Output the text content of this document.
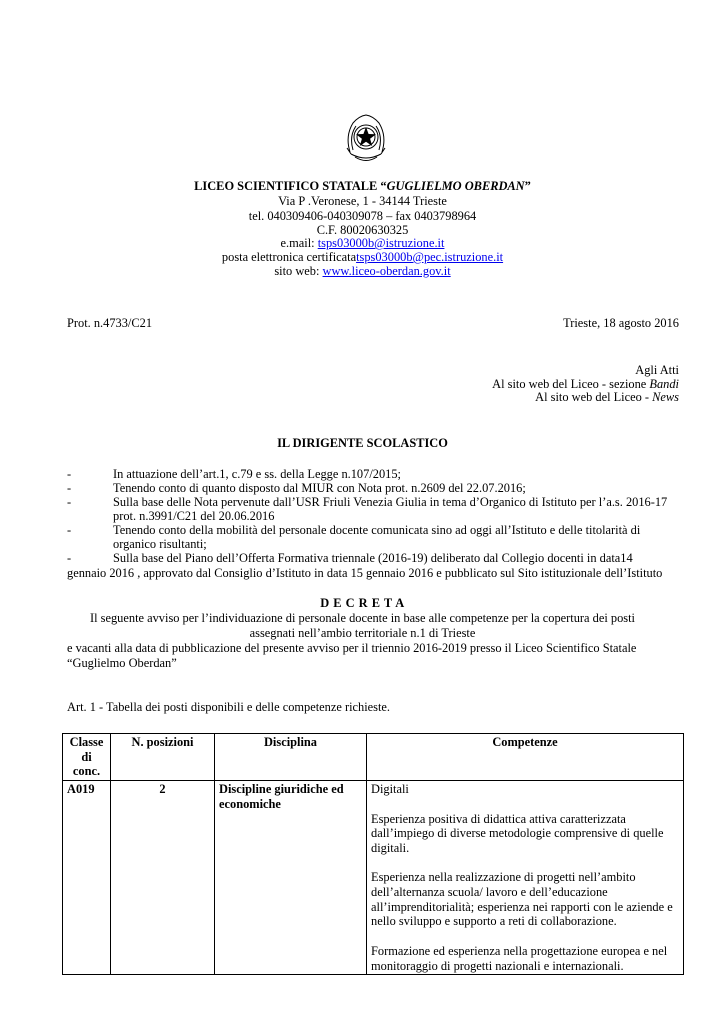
LICEO SCIENTIFICO STATALE “GUGLIELMO OBERDAN”
Via P .Veronese, 1 - 34144 Trieste
tel. 040309406-040309078 – fax 0403798964
C.F. 80020630325
e.mail: tsps03000b@istruzione.it
posta elettronica certificatatsps03000b@pec.istruzione.it
sito web: www.liceo-oberdan.gov.it
Prot. n.4733/C21	Trieste, 18 agosto 2016
Agli Atti
Al sito web del Liceo - sezione Bandi
Al sito web del Liceo - News
IL DIRIGENTE SCOLASTICO
-	In attuazione dell’art.1, c.79 e ss. della Legge n.107/2015;
-	Tenendo conto di quanto disposto dal MIUR con Nota prot. n.2609 del 22.07.2016;
-	Sulla base delle Nota pervenute dall’USR Friuli Venezia Giulia in tema d’Organico di Istituto per l’a.s. 2016-17
prot. n.3991/C21 del 20.06.2016
-	Tenendo conto della mobilità del personale docente comunicata sino ad oggi all’Istituto e delle titolarità di
organico risultanti;
-	Sulla base del Piano dell’Offerta Formativa triennale (2016-19) deliberato dal Collegio docenti in data14
gennaio 2016 , approvato dal Consiglio d’Istituto in data 15 gennaio 2016 e pubblicato sul Sito istituzionale dell’Istituto
D E C R E T A
Il seguente avviso per l’individuazione di personale docente in base alle competenze per la copertura dei posti
assegnati nell’ambio territoriale n.1 di Trieste
e vacanti alla data di pubblicazione del presente avviso per il triennio 2016-2019 presso il Liceo Scientifico Statale
“Guglielmo Oberdan”
Art. 1 - Tabella dei posti disponibili e delle competenze richieste.
Classe di conc.	N. posizioni	Disciplina	Competenze
A019	2	Discipline giuridiche ed economiche	Digitali

Esperienza positiva di didattica attiva caratterizzata dall’impiego di diverse metodologie comprensive di quelle digitali.

Esperienza nella realizzazione di progetti nell’ambito dell’alternanza scuola/ lavoro e dell’educazione all’imprenditorialità; esperienza nei rapporti con le aziende e nello sviluppo e supporto a reti di collaborazione.

Formazione ed esperienza nella progettazione europea e nel monitoraggio di progetti nazionali e internazionali.
